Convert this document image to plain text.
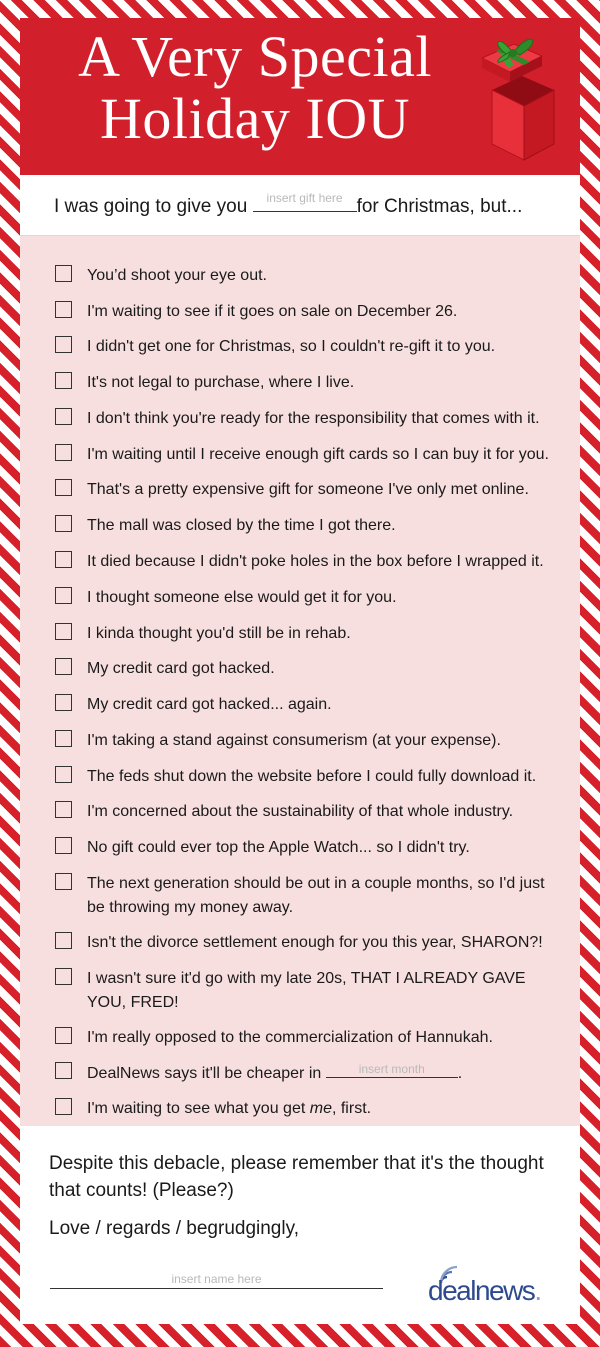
A Very Special
Holiday IOU
I was going to give you	insert gift here for Christmas, but...
You’d shoot your eye out.
I'm waiting to see if it goes on sale on December 26.
I didn't get one for Christmas, so I couldn't re-gift it to you.
It's not legal to purchase, where I live.
I don't think you're ready for the responsibility that comes with it.
I'm waiting until I receive enough gift cards so I can buy it for you.
That's a pretty expensive gift for someone I've only met online.
The mall was closed by the time I got there.
It died because I didn't poke holes in the box before I wrapped it.
I thought someone else would get it for you.
I kinda thought you'd still be in rehab.
My credit card got hacked.
My credit card got hacked... again.
I'm taking a stand against consumerism (at your expense).
The feds shut down the website before I could fully download it.
I'm concerned about the sustainability of that whole industry.
No gift could ever top the Apple Watch... so I didn't try.
The next generation should be out in a couple months, so I'd just be throwing my money away.
Isn't the divorce settlement enough for you this year, SHARON?!
I wasn't sure it'd go with my late 20s, THAT I ALREADY GAVE YOU, FRED!
I'm really opposed to the commercialization of Hannukah.
DealNews says it'll be cheaper in	insert month	.
I'm waiting to see what you get me, first.
Despite this debacle, please remember that it's the thought that counts! (Please?)
Love / regards / begrudgingly,
insert name here	dealnews.
